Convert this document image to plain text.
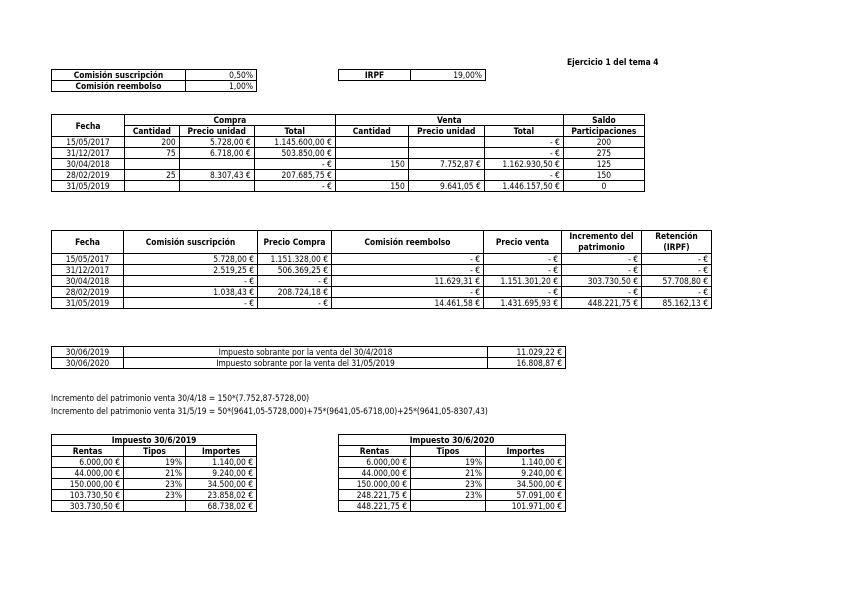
Ejercicio 1 del tema 4
Comisión suscripción	0,50%
Comisión reembolso	1,00%
IRPF	19,00%
Fecha	Compra			Venta			Saldo
	Cantidad	Precio unidad	Total	Cantidad	Precio unidad	Total	Participaciones
15/05/2017	200	5.728,00 €	1.145.600,00 €			- €	200
31/12/2017	75	6.718,00 €	503.850,00 €			- €	275
30/04/2018			- €	150	7.752,87 €	1.162.930,50 €	125
28/02/2019	25	8.307,43 €	207.685,75 €			- €	150
31/05/2019			- €	150	9.641,05 €	1.446.157,50 €	0
Fecha	Comisión suscripción	Precio Compra	Comisión reembolso	Precio venta	Incremento del patrimonio	Retención (IRPF)
15/05/2017	5.728,00 €	1.151.328,00 €	- €	- €	- €	- €
31/12/2017	2.519,25 €	506.369,25 €	- €	- €	- €	- €
30/04/2018	- €	- €	11.629,31 €	1.151.301,20 €	303.730,50 €	57.708,80 €
28/02/2019	1.038,43 €	208.724,18 €	- €	- €	- €	- €
31/05/2019	- €	- €	14.461,58 €	1.431.695,93 €	448.221,75 €	85.162,13 €
30/06/2019	Impuesto sobrante por la venta del 30/4/2018	11.029,22 €
30/06/2020	Impuesto sobrante por la venta del 31/05/2019	16.808,87 €
Incremento del patrimonio venta 30/4/18 = 150*(7.752,87-5728,00)
Incremento del patrimonio venta 31/5/19 = 50*(9641,05-5728,000)+75*(9641,05-6718,00)+25*(9641,05-8307,43)
Impuesto 30/6/2019		
Rentas	Tipos	Importes
6.000,00 €	19%	1.140,00 €
44.000,00 €	21%	9.240,00 €
150.000,00 €	23%	34.500,00 €
103.730,50 €	23%	23.858,02 €
303.730,50 €		68.738,02 €
Impuesto 30/6/2020		
Rentas	Tipos	Importes
6.000,00 €	19%	1.140,00 €
44.000,00 €	21%	9.240,00 €
150.000,00 €	23%	34.500,00 €
248.221,75 €	23%	57.091,00 €
448.221,75 €		101.971,00 €
